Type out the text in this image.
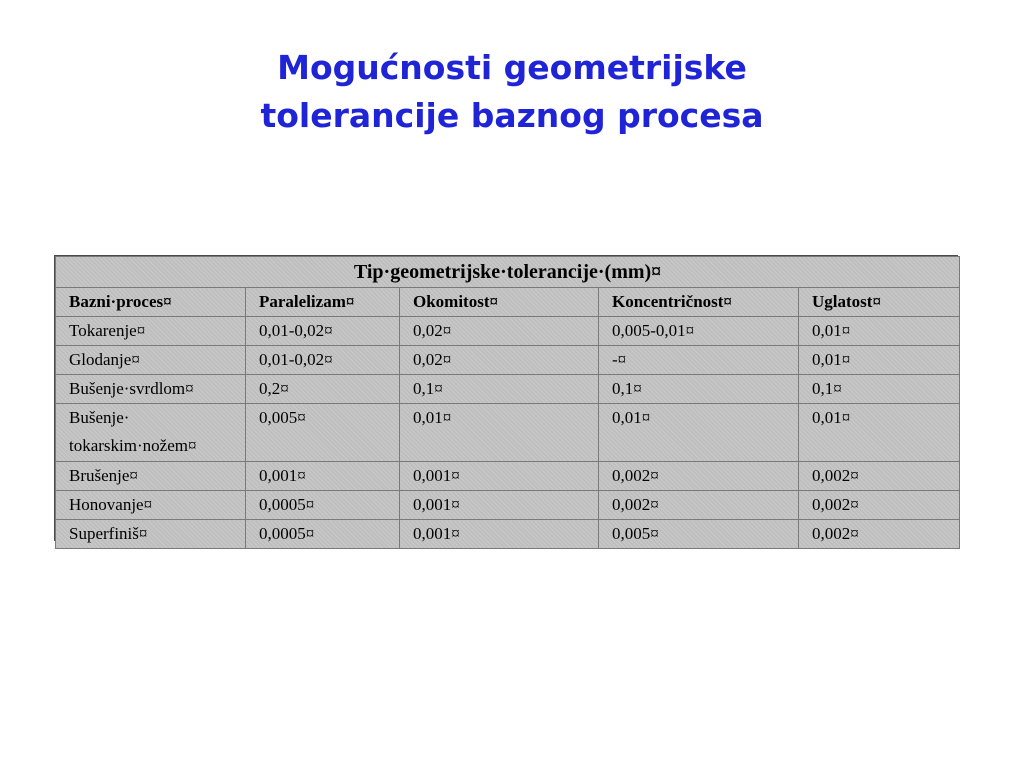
Mogućnosti geometrijske
tolerancije baznog procesa
Tip·geometrijske·tolerancije·(mm)¤				
Bazni·proces¤	Paralelizam¤	Okomitost¤	Koncentričnost¤	Uglatost¤
Tokarenje¤	0,01-0,02¤	0,02¤	0,005-0,01¤	0,01¤
Glodanje¤	0,01-0,02¤	0,02¤	-¤	0,01¤
Bušenje·svrdlom¤	0,2¤	0,1¤	0,1¤	0,1¤
Bušenje· tokarskim·nožem¤	0,005¤	0,01¤	0,01¤	0,01¤
Brušenje¤	0,001¤	0,001¤	0,002¤	0,002¤
Honovanje¤	0,0005¤	0,001¤	0,002¤	0,002¤
Superfiniš¤	0,0005¤	0,001¤	0,005¤	0,002¤
